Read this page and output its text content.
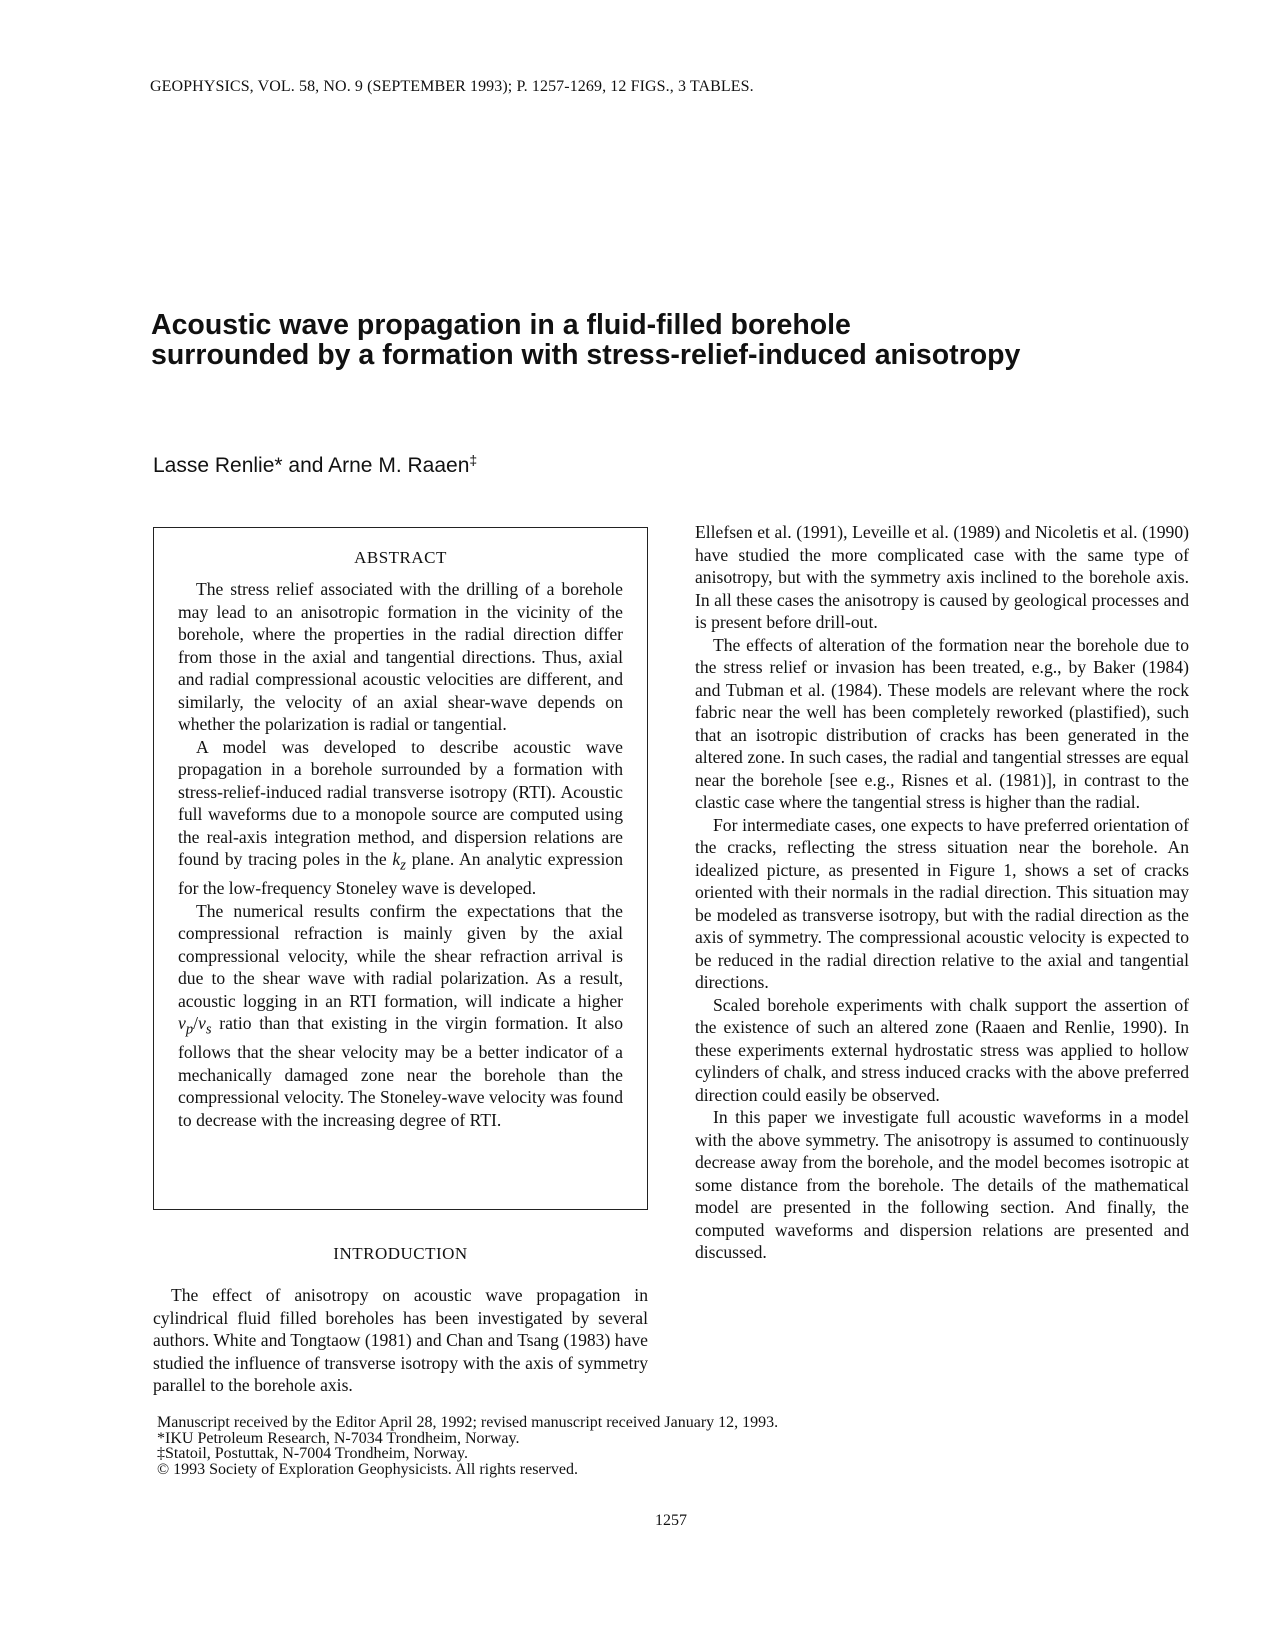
GEOPHYSICS, VOL. 58, NO. 9 (SEPTEMBER 1993); P. 1257-1269, 12 FIGS., 3 TABLES.
Acoustic wave propagation in a fluid-filled borehole
surrounded by a formation with stress-relief-induced anisotropy
Lasse Renlie* and Arne M. Raaen‡
ABSTRACT

The stress relief associated with the drilling of a borehole may lead to an anisotropic formation in the vicinity of the borehole, where the properties in the radial direction differ from those in the axial and tangential directions. Thus, axial and radial compressional acoustic velocities are different, and similarly, the velocity of an axial shear-wave depends on whether the polarization is radial or tangential.

A model was developed to describe acoustic wave propagation in a borehole surrounded by a formation with stress-relief-induced radial transverse isotropy (RTI). Acoustic full waveforms due to a monopole source are computed using the real-axis integration method, and dispersion relations are found by tracing poles in the $k_z$ plane. An analytic expression for the low-frequency Stoneley wave is developed.

The numerical results confirm the expectations that the compressional refraction is mainly given by the axial compressional velocity, while the shear refraction arrival is due to the shear wave with radial polarization. As a result, acoustic logging in an RTI formation, will indicate a higher $v_p/v_s$ ratio than that existing in the virgin formation. It also follows that the shear velocity may be a better indicator of a mechanically damaged zone near the borehole than the compressional velocity. The Stoneley-wave velocity was found to decrease with the increasing degree of RTI.

INTRODUCTION

The effect of anisotropy on acoustic wave propagation in cylindrical fluid filled boreholes has been investigated by several authors. White and Tongtaow (1981) and Chan and Tsang (1983) have studied the influence of transverse isotropy with the axis of symmetry parallel to the borehole axis.

Ellefsen et al. (1991), Leveille et al. (1989) and Nicoletis et al. (1990) have studied the more complicated case with the same type of anisotropy, but with the symmetry axis inclined to the borehole axis. In all these cases the anisotropy is caused by geological processes and is present before drill-out.

The effects of alteration of the formation near the borehole due to the stress relief or invasion has been treated, e.g., by Baker (1984) and Tubman et al. (1984). These models are relevant where the rock fabric near the well has been completely reworked (plastified), such that an isotropic distribution of cracks has been generated in the altered zone. In such cases, the radial and tangential stresses are equal near the borehole [see e.g., Risnes et al. (1981)], in contrast to the clastic case where the tangential stress is higher than the radial.

For intermediate cases, one expects to have preferred orientation of the cracks, reflecting the stress situation near the borehole. An idealized picture, as presented in Figure 1, shows a set of cracks oriented with their normals in the radial direction. This situation may be modeled as transverse isotropy, but with the radial direction as the axis of symmetry. The compressional acoustic velocity is expected to be reduced in the radial direction relative to the axial and tangential directions.

Scaled borehole experiments with chalk support the assertion of the existence of such an altered zone (Raaen and Renlie, 1990). In these experiments external hydrostatic stress was applied to hollow cylinders of chalk, and stress induced cracks with the above preferred direction could easily be observed.

In this paper we investigate full acoustic waveforms in a model with the above symmetry. The anisotropy is assumed to continuously decrease away from the borehole, and the model becomes isotropic at some distance from the borehole. The details of the mathematical model are presented in the following section. And finally, the computed waveforms and dispersion relations are presented and discussed.

Manuscript received by the Editor April 28, 1992; revised manuscript received January 12, 1993.
*IKU Petroleum Research, N-7034 Trondheim, Norway.
‡Statoil, Postuttak, N-7004 Trondheim, Norway.
© 1993 Society of Exploration Geophysicists. All rights reserved.
1257
